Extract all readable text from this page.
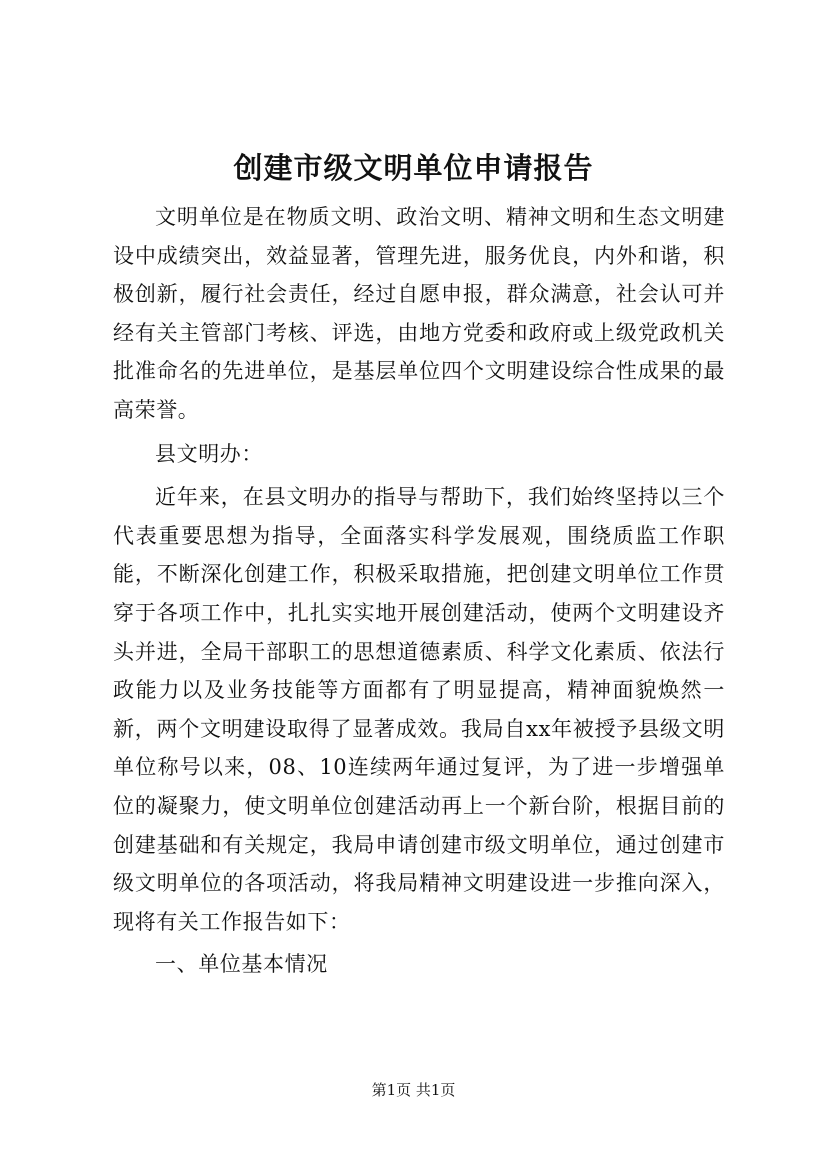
创建市级文明单位申请报告

文明单位是在物质文明、政治文明、精神文明和生态文明建设中成绩突出，效益显著，管理先进，服务优良，内外和谐，积极创新，履行社会责任，经过自愿申报，群众满意，社会认可并经有关主管部门考核、评选，由地方党委和政府或上级党政机关批准命名的先进单位，是基层单位四个文明建设综合性成果的最高荣誉。

县文明办：

近年来，在县文明办的指导与帮助下，我们始终坚持以三个代表重要思想为指导，全面落实科学发展观，围绕质监工作职能，不断深化创建工作，积极采取措施，把创建文明单位工作贯穿于各项工作中，扎扎实实地开展创建活动，使两个文明建设齐头并进，全局干部职工的思想道德素质、科学文化素质、依法行政能力以及业务技能等方面都有了明显提高，精神面貌焕然一新，两个文明建设取得了显著成效。我局自xx年被授予县级文明单位称号以来，08、10连续两年通过复评，为了进一步增强单位的凝聚力，使文明单位创建活动再上一个新台阶，根据目前的创建基础和有关规定，我局申请创建市级文明单位，通过创建市级文明单位的各项活动，将我局精神文明建设进一步推向深入，现将有关工作报告如下：

一、单位基本情况

第1页 共1页
